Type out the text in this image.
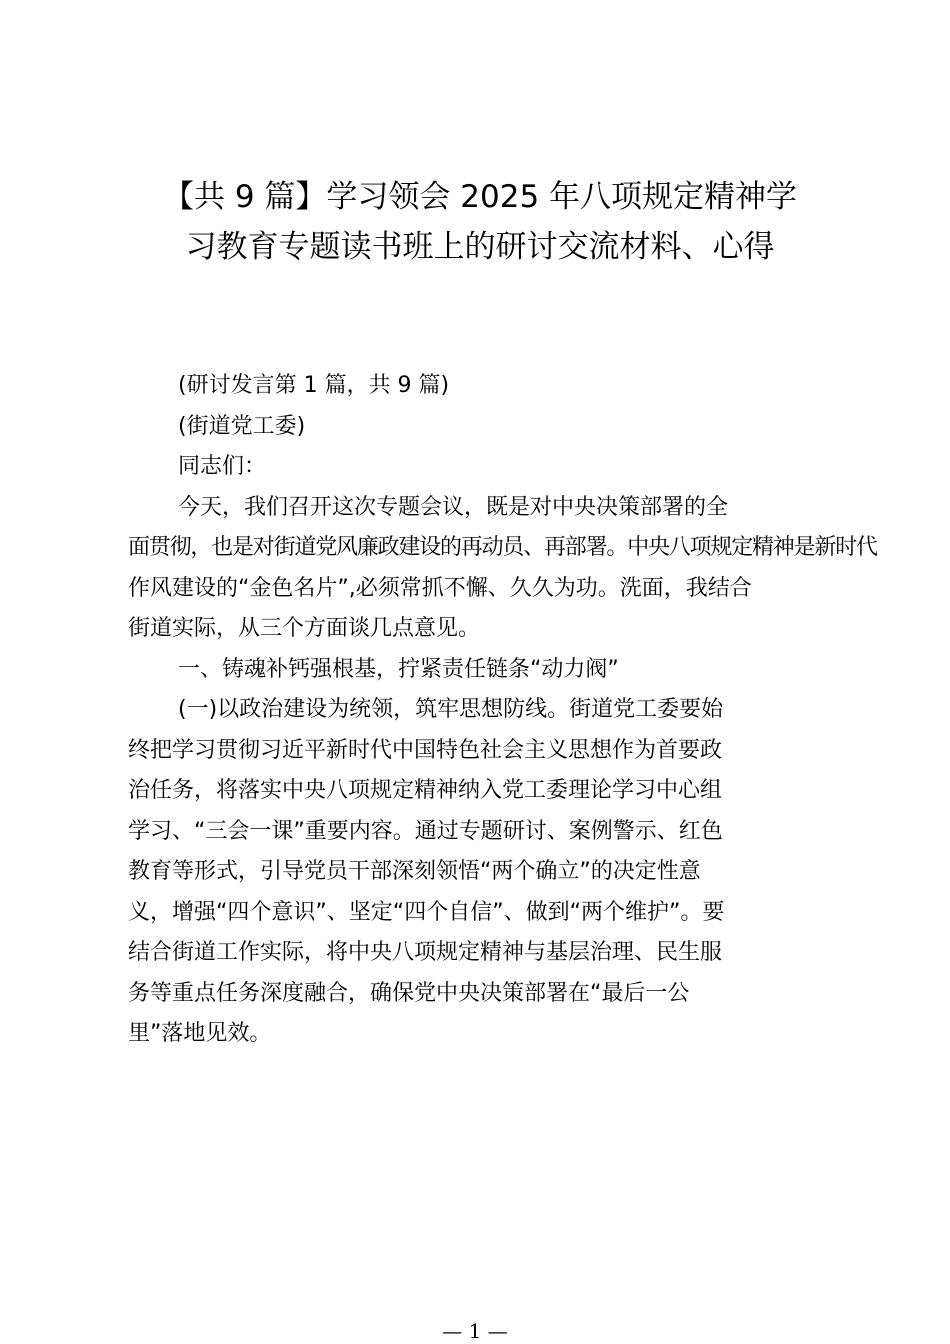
【共 9 篇】学习领会 2025 年八项规定精神学
习教育专题读书班上的研讨交流材料、心得
(研讨发言第 1 篇，共 9 篇)
(街道党工委)
同志们：
今天，我们召开这次专题会议，既是对中央决策部署的全
面贯彻，也是对街道党风廉政建设的再动员、再部署。中央八项规定精神是新时代
作风建设的“金色名片”,必须常抓不懈、久久为功。洗面，我结合
街道实际，从三个方面谈几点意见。
一、铸魂补钙强根基，拧紧责任链条“动力阀”
(一)以政治建设为统领，筑牢思想防线。街道党工委要始
终把学习贯彻习近平新时代中国特色社会主义思想作为首要政
治任务，将落实中央八项规定精神纳入党工委理论学习中心组
学习、“三会一课”重要内容。通过专题研讨、案例警示、红色
教育等形式，引导党员干部深刻领悟“两个确立”的决定性意
义，增强“四个意识”、坚定“四个自信”、做到“两个维护”。要
结合街道工作实际，将中央八项规定精神与基层治理、民生服
务等重点任务深度融合，确保党中央决策部署在“最后一公
里”落地见效。
— 1 —
